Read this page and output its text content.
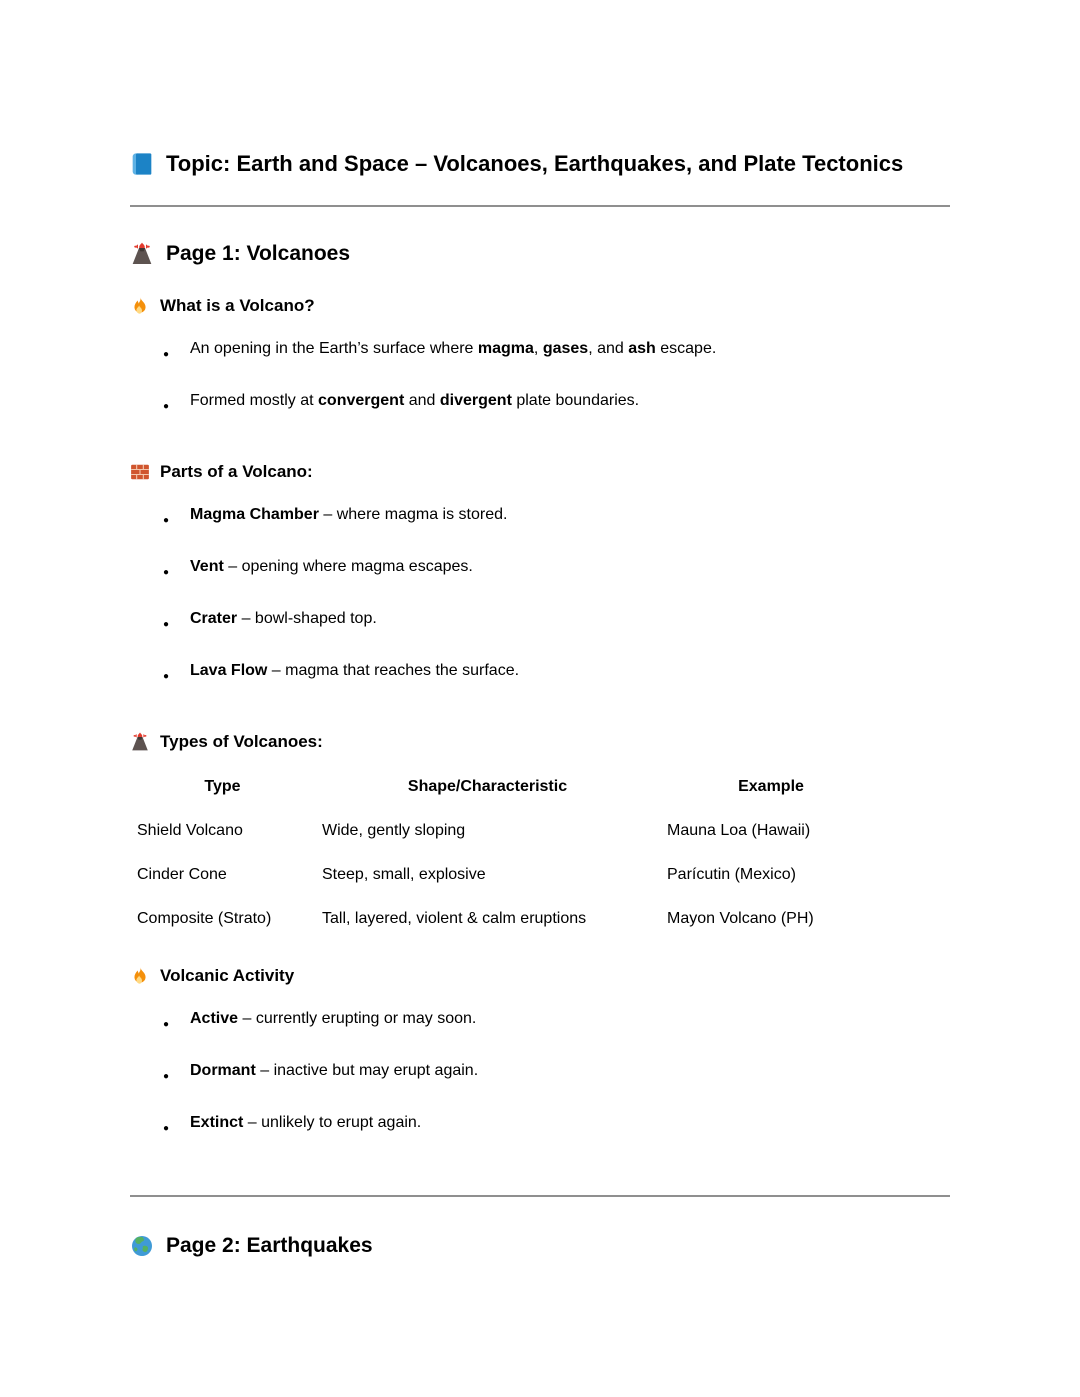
Topic: Earth and Space – Volcanoes, Earthquakes, and Plate Tectonics
Page 1: Volcanoes
What is a Volcano?
● An opening in the Earth’s surface where magma, gases, and ash escape.
● Formed mostly at convergent and divergent plate boundaries.
Parts of a Volcano:
● Magma Chamber – where magma is stored.
● Vent – opening where magma escapes.
● Crater – bowl-shaped top.
● Lava Flow – magma that reaches the surface.
Types of Volcanoes:
Type	Shape/Characteristic	Example
Shield Volcano	Wide, gently sloping	Mauna Loa (Hawaii)
Cinder Cone	Steep, small, explosive	Parícutin (Mexico)
Composite (Strato)	Tall, layered, violent & calm eruptions	Mayon Volcano (PH)
Volcanic Activity
● Active – currently erupting or may soon.
● Dormant – inactive but may erupt again.
● Extinct – unlikely to erupt again.
Page 2: Earthquakes
